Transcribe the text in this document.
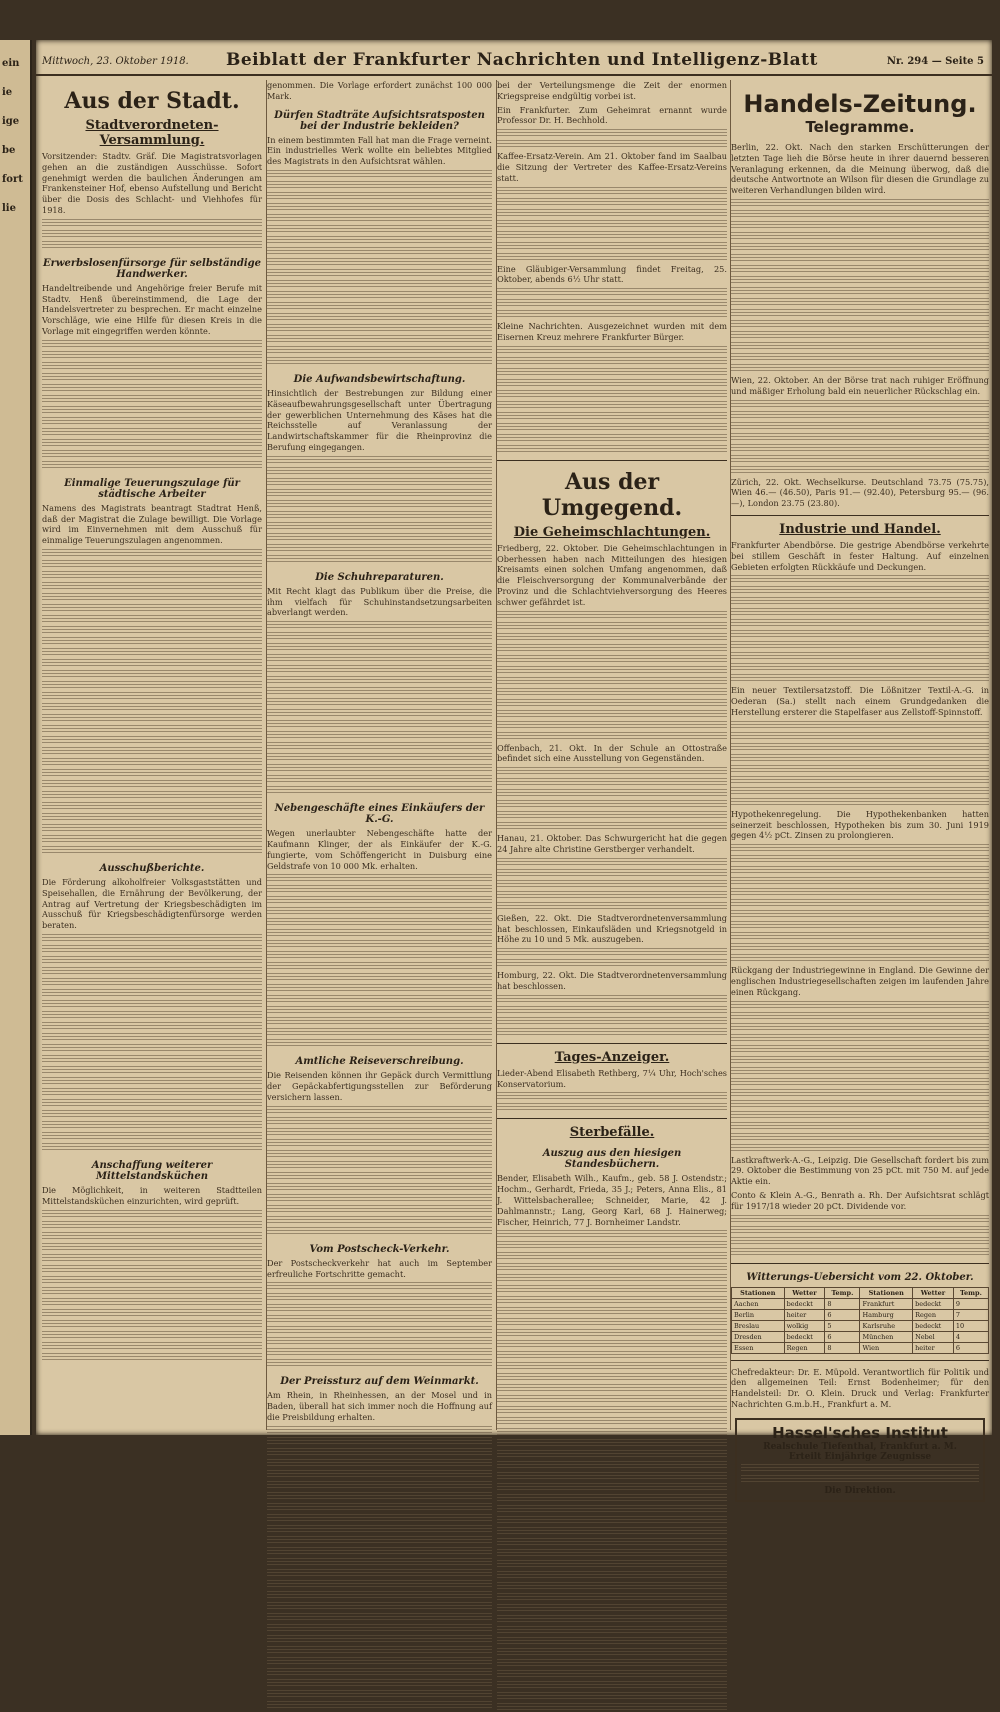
ein
ie
ige
be
fort
lie
Mittwoch, 23. Oktober 1918. Beiblatt der Frankfurter Nachrichten und Intelligenz-Blatt	Nr. 294 — Seite 5
Aus der Stadt.
Stadtverordneten-Versammlung.

Vorsitzender: Stadtv. Gräf. Die Magistratsvorlagen gehen an die zuständigen Ausschüsse. Sofort genehmigt werden die baulichen Änderungen am Frankensteiner Hof, ebenso Aufstellung und Bericht über die Dosis des Schlacht- und Viehhofes für 1918.

Erwerbslosenfürsorge für selbständige Handwerker.

Handeltreibende und Angehörige freier Berufe mit Stadtv. Henß übereinstimmend, die Lage der Handelsvertreter zu besprechen. Er macht einzelne Vorschläge, wie eine Hilfe für diesen Kreis in die Vorlage mit eingegriffen werden könnte.

Einmalige Teuerungszulage für städtische Arbeiter

Namens des Magistrats beantragt Stadtrat Henß, daß der Magistrat die Zulage bewilligt. Die Vorlage wird im Einvernehmen mit dem Ausschuß für einmalige Teuerungszulagen angenommen.

Ausschußberichte.

Die Förderung alkoholfreier Volksgaststätten und Speisehallen, die Ernährung der Bevölkerung, der Antrag auf Vertretung der Kriegsbeschädigten im Ausschuß für Kriegsbeschädigtenfürsorge werden beraten.

Anschaffung weiterer Mittelstandsküchen

Die Möglichkeit, in weiteren Stadtteilen Mittelstandsküchen einzurichten, wird geprüft.

genommen. Die Vorlage erfordert zunächst 100 000 Mark.

Dürfen Stadträte Aufsichtsratsposten bei der Industrie bekleiden?

In einem bestimmten Fall hat man die Frage verneint. Ein industrielles Werk wollte ein beliebtes Mitglied des Magistrats in den Aufsichtsrat wählen.

Die Aufwandsbewirtschaftung.

Hinsichtlich der Bestrebungen zur Bildung einer Käseaufbewahrungsgesellschaft unter Übertragung der gewerblichen Unternehmung des Käses hat die Reichsstelle auf Veranlassung der Landwirtschaftskammer für die Rheinprovinz die Berufung eingegangen.

Die Schuhreparaturen.

Mit Recht klagt das Publikum über die Preise, die ihm vielfach für Schuhinstandsetzungsarbeiten abverlangt werden.

Nebengeschäfte eines Einkäufers der K.-G.

Wegen unerlaubter Nebengeschäfte hatte der Kaufmann Klinger, der als Einkäufer der K.-G. fungierte, vom Schöffengericht in Duisburg eine Geldstrafe von 10 000 Mk. erhalten.

Amtliche Reiseverschreibung.

Die Reisenden können ihr Gepäck durch Vermittlung der Gepäckabfertigungsstellen zur Beförderung versichern lassen.

Vom Postscheck-Verkehr.

Der Postscheckverkehr hat auch im September erfreuliche Fortschritte gemacht.

Der Preissturz auf dem Weinmarkt.

Am Rhein, in Rheinhessen, an der Mosel und in Baden, überall hat sich immer noch die Hoffnung auf die Preisbildung erhalten.

bei der Verteilungsmenge die Zeit der enormen Kriegspreise endgültig vorbei ist.

Ein Frankfurter. Zum Geheimrat ernannt wurde Professor Dr. H. Bechhold.

Kaffee-Ersatz-Verein. Am 21. Oktober fand im Saalbau die Sitzung der Vertreter des Kaffee-Ersatz-Vereins statt.

Eine Gläubiger-Versammlung findet Freitag, 25. Oktober, abends 6½ Uhr statt.

Kleine Nachrichten. Ausgezeichnet wurden mit dem Eisernen Kreuz mehrere Frankfurter Bürger.

Aus der Umgegend.
Die Geheimschlachtungen.

Friedberg, 22. Oktober. Die Geheimschlachtungen in Oberhessen haben nach Mitteilungen des hiesigen Kreisamts einen solchen Umfang angenommen, daß die Fleischversorgung der Kommunalverbände der Provinz und die Schlachtviehversorgung des Heeres schwer gefährdet ist.

Offenbach, 21. Okt. In der Schule an Ottostraße befindet sich eine Ausstellung von Gegenständen.

Hanau, 21. Oktober. Das Schwurgericht hat die gegen 24 Jahre alte Christine Gerstberger verhandelt.

Gießen, 22. Okt. Die Stadtverordnetenversammlung hat beschlossen, Einkaufsläden und Kriegsnotgeld in Höhe zu 10 und 5 Mk. auszugeben.

Homburg, 22. Okt. Die Stadtverordnetenversammlung hat beschlossen.

Tages-Anzeiger.

Lieder-Abend Elisabeth Rethberg, 7¼ Uhr, Hoch'sches Konservatorium.

Sterbefälle.
Auszug aus den hiesigen Standesbüchern.

Bender, Elisabeth Wilh., Kaufm., geb. 58 J. Ostendstr.; Hochm., Gerhardt, Frieda, 35 J.; Peters, Anna Elis., 81 J. Wittelsbacherallee; Schneider, Marie, 42 J. Dahlmannstr.; Lang, Georg Karl, 68 J. Hainerweg; Fischer, Heinrich, 77 J. Bornheimer Landstr.

Handels-Zeitung.
Telegramme.

Berlin, 22. Okt. Nach den starken Erschütterungen der letzten Tage lieh die Börse heute in ihrer dauernd besseren Veranlagung erkennen, da die Meinung überwog, daß die deutsche Antwortnote an Wilson für diesen die Grundlage zu weiteren Verhandlungen bilden wird.

Wien, 22. Oktober. An der Börse trat nach ruhiger Eröffnung und mäßiger Erholung bald ein neuerlicher Rückschlag ein.

Zürich, 22. Okt. Wechselkurse. Deutschland 73.75 (75.75), Wien 46.— (46.50), Paris 91.— (92.40), Petersburg 95.— (96.—), London 23.75 (23.80).

Industrie und Handel.

Frankfurter Abendbörse. Die gestrige Abendbörse verkehrte bei stillem Geschäft in fester Haltung. Auf einzelnen Gebieten erfolgten Rückkäufe und Deckungen.

Ein neuer Textilersatzstoff. Die Lößnitzer Textil-A.-G. in Oederan (Sa.) stellt nach einem Grundgedanken die Herstellung ersterer die Stapelfaser aus Zellstoff-Spinnstoff.

Hypothekenregelung. Die Hypothekenbanken hatten seinerzeit beschlossen, Hypotheken bis zum 30. Juni 1919 gegen 4½ pCt. Zinsen zu prolongieren.

Rückgang der Industriegewinne in England. Die Gewinne der englischen Industriegesellschaften zeigen im laufenden Jahre einen Rückgang.

Lastkraftwerk-A.-G., Leipzig. Die Gesellschaft fordert bis zum 29. Oktober die Bestimmung von 25 pCt. mit 750 M. auf jede Aktie ein.

Conto & Klein A.-G., Benrath a. Rh. Der Aufsichtsrat schlägt für 1917/18 wieder 20 pCt. Dividende vor.

Witterungs-Uebersicht vom 22. Oktober.
Stationen	Wetter	Temp.	Stationen	Wetter	Temp.
Aachen	bedeckt	8	Frankfurt	bedeckt	9
Berlin	heiter	6	Hamburg	Regen	7
Breslau	wolkig	5	Karlsruhe	bedeckt	10
Dresden	bedeckt	6	München	Nebel	4
Essen	Regen	8	Wien	heiter	6

Chefredakteur: Dr. E. Müpold. Verantwortlich für Politik und den allgemeinen Teil: Ernst Bodenheimer; für den Handelsteil: Dr. O. Klein. Druck und Verlag: Frankfurter Nachrichten G.m.b.H., Frankfurt a. M.

Hassel'sches Institut
Realschule Tiefenthal, Frankfurt a. M.
Erteilt Einjährige Zeugnisse
Die Direktion.
